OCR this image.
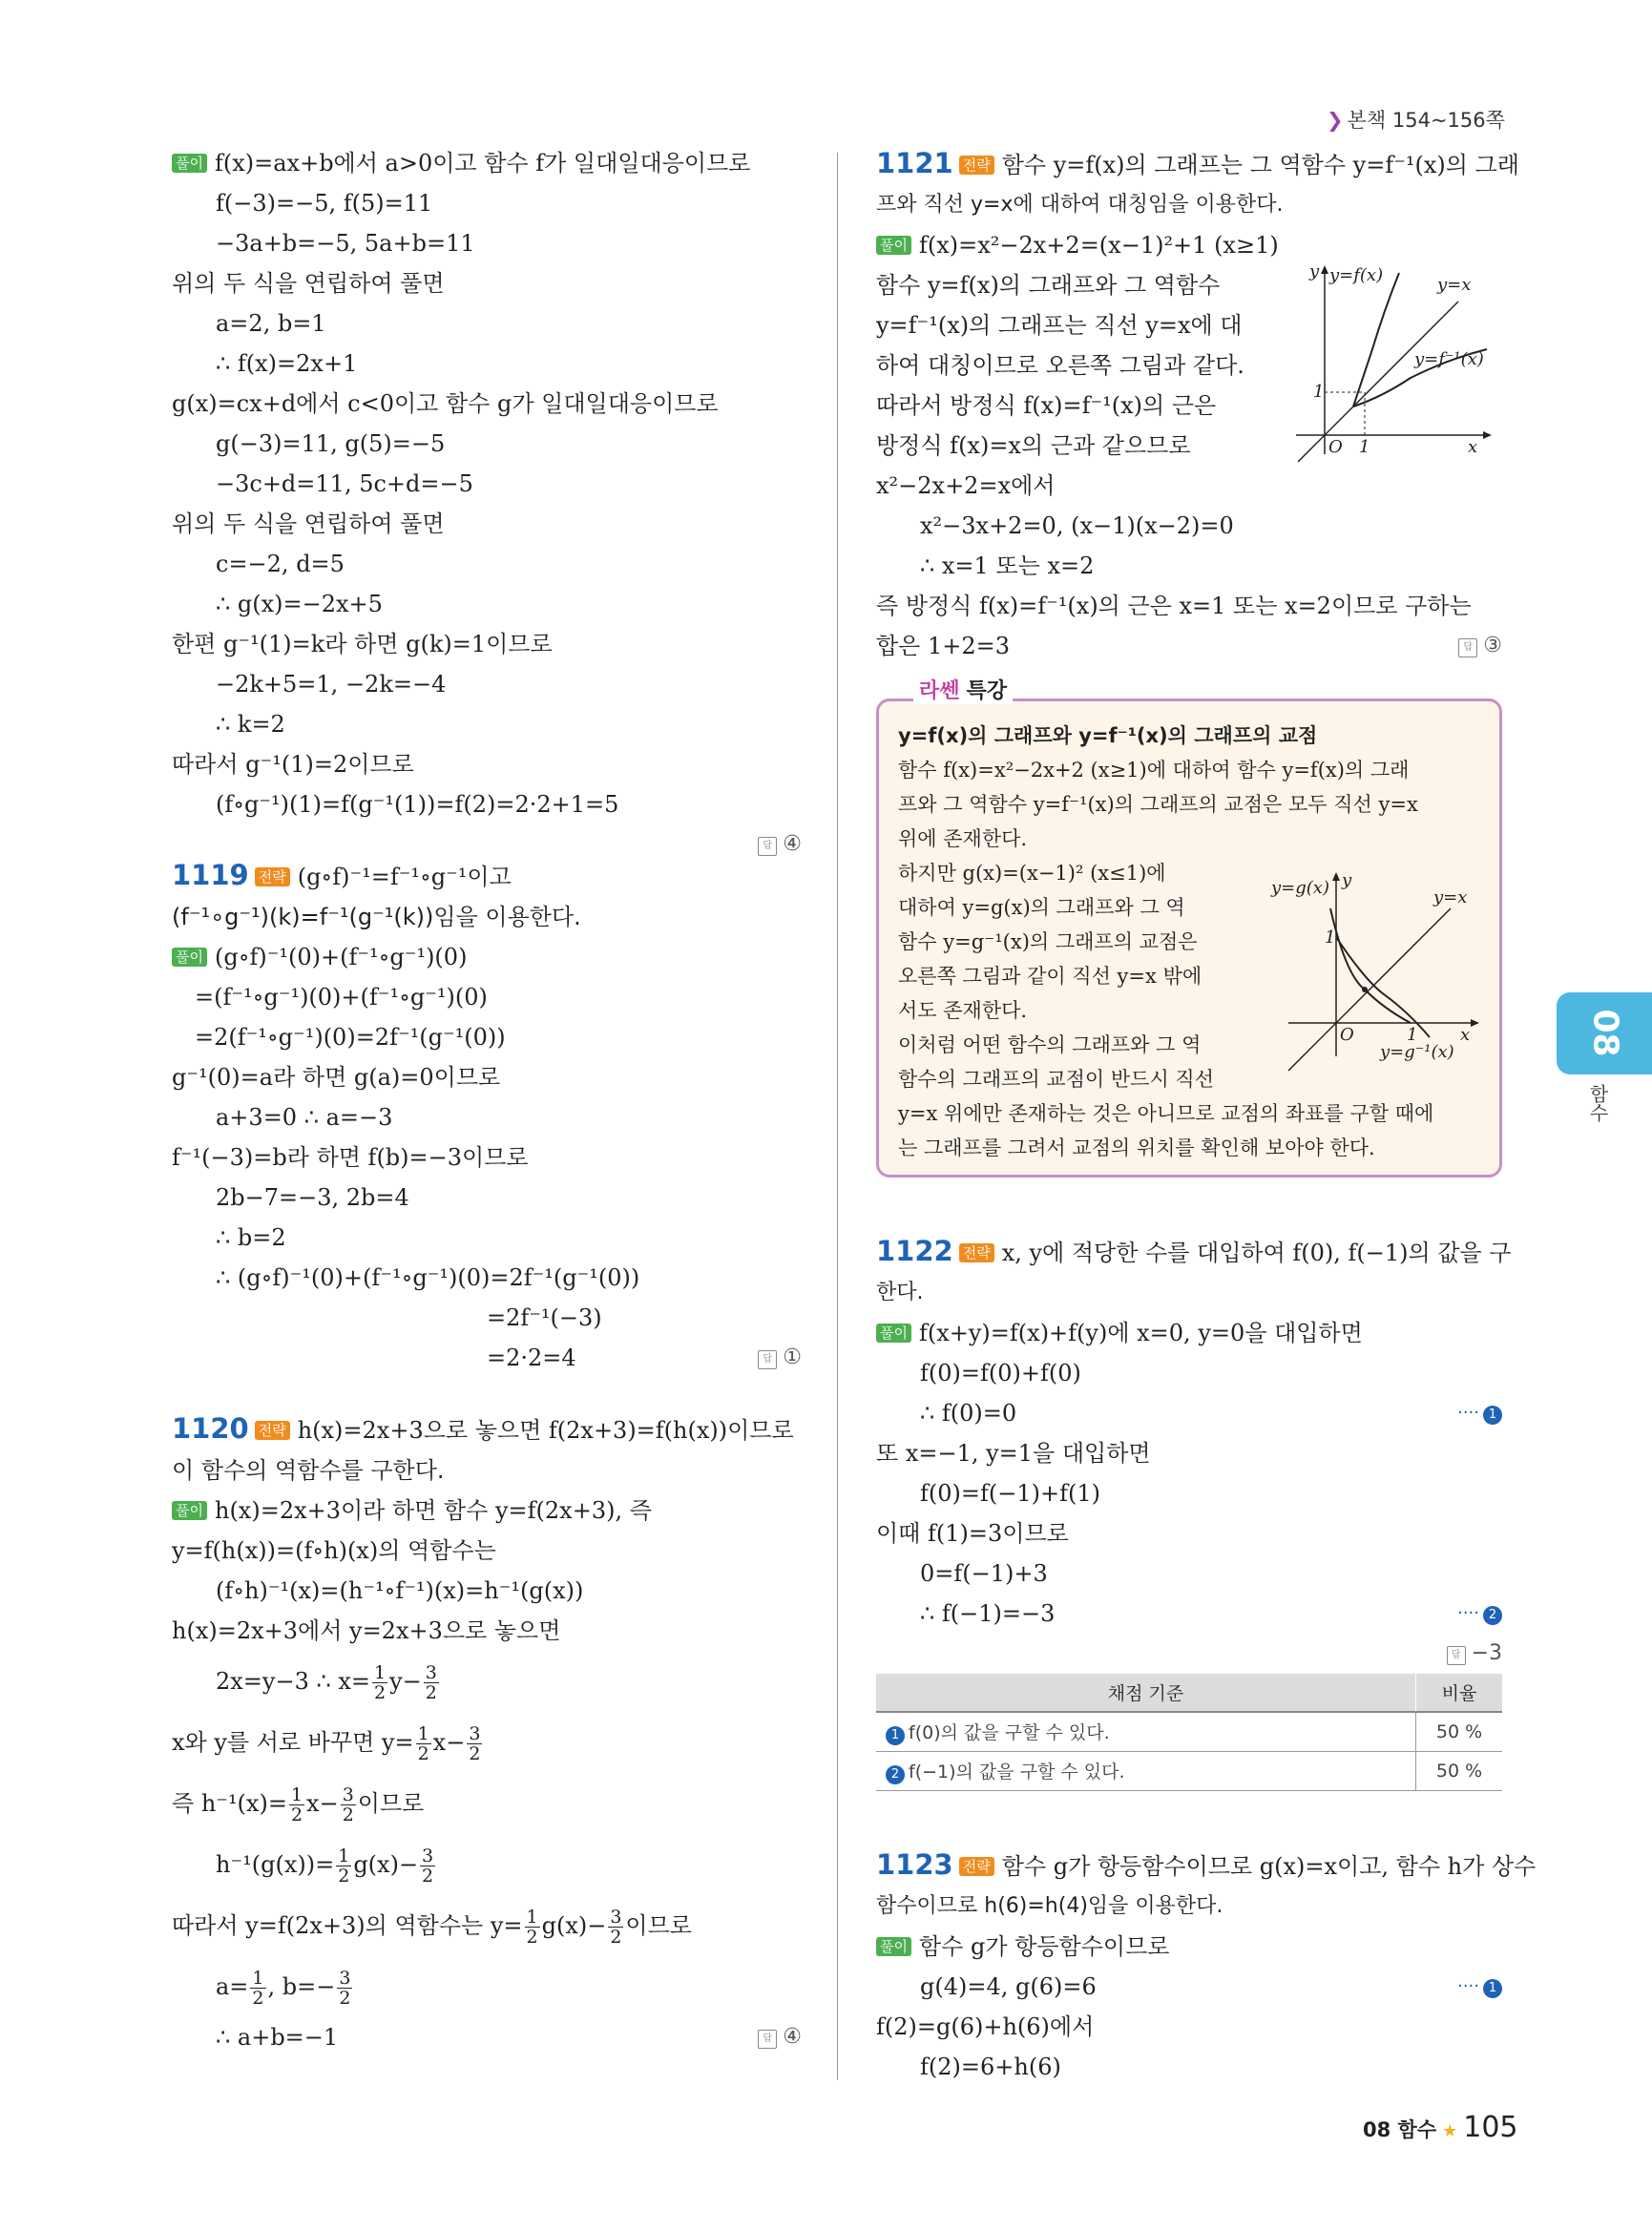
❯ 본책 154~156쪽
풀이 f(x)=ax+b에서 a>0이고 함수 f가 일대일대응이므로
f(−3)=−5, f(5)=11
−3a+b=−5, 5a+b=11
위의 두 식을 연립하여 풀면
a=2, b=1
∴ f(x)=2x+1
g(x)=cx+d에서 c<0이고 함수 g가 일대일대응이므로
g(−3)=11, g(5)=−5
−3c+d=11, 5c+d=−5
위의 두 식을 연립하여 풀면
c=−2, d=5
∴ g(x)=−2x+5
한편 g⁻¹(1)=k라 하면 g(k)=1이므로
−2k+5=1, −2k=−4
∴ k=2
따라서 g⁻¹(1)=2이므로
(f∘g⁻¹)(1)=f(g⁻¹(1))=f(2)=2·2+1=5
답 ④
1119 전략 (g∘f)⁻¹=f⁻¹∘g⁻¹이고
(f⁻¹∘g⁻¹)(k)=f⁻¹(g⁻¹(k))임을 이용한다.
풀이 (g∘f)⁻¹(0)+(f⁻¹∘g⁻¹)(0)
=(f⁻¹∘g⁻¹)(0)+(f⁻¹∘g⁻¹)(0)
=2(f⁻¹∘g⁻¹)(0)=2f⁻¹(g⁻¹(0))
g⁻¹(0)=a라 하면 g(a)=0이므로
a+3=0 ∴ a=−3
f⁻¹(−3)=b라 하면 f(b)=−3이므로
2b−7=−3, 2b=4
∴ b=2
∴ (g∘f)⁻¹(0)+(f⁻¹∘g⁻¹)(0)=2f⁻¹(g⁻¹(0))
=2f⁻¹(−3)
=2·2=4	답 ①
1120 전략 h(x)=2x+3으로 놓으면 f(2x+3)=f(h(x))이므로
이 함수의 역함수를 구한다.
풀이 h(x)=2x+3이라 하면 함수 y=f(2x+3), 즉
y=f(h(x))=(f∘h)(x)의 역함수는
(f∘h)⁻¹(x)=(h⁻¹∘f⁻¹)(x)=h⁻¹(g(x))
h(x)=2x+3에서 y=2x+3으로 놓으면
2x=y−3 ∴ $x= \frac{1}{2} y- \frac{3}{2}$
x와 y를 서로 바꾸면 $y= \frac{1}{2} x- \frac{3}{2}$
즉 $h^{-1}(x)= \frac{1}{2} x- \frac{3}{2}$ 이므로
$h^{-1}(g(x))= \frac{1}{2} g(x)- \frac{3}{2}$
따라서 y=f(2x+3)의 역함수는 $y= \frac{1}{2} g(x)- \frac{3}{2}$ 이므로
$a= \frac{1}{2}$ , $b=- \frac{3}{2}$
∴ a+b=−1	답 ④
1121 전략 함수 y=f(x)의 그래프는 그 역함수 y=f⁻¹(x)의 그래
프와 직선 y=x에 대하여 대칭임을 이용한다.
풀이 f(x)=x²−2x+2=(x−1)²+1 (x≥1)
함수 y=f(x)의 그래프와 그 역함수
y=f⁻¹(x)의 그래프는 직선 y=x에 대
하여 대칭이므로 오른쪽 그림과 같다.
따라서 방정식 f(x)=f⁻¹(x)의 근은
방정식 f(x)=x의 근과 같으므로
x²−2x+2=x에서
x²−3x+2=0, (x−1)(x−2)=0
∴ x=1 또는 x=2
즉 방정식 f(x)=f⁻¹(x)의 근은 x=1 또는 x=2이므로 구하는
합은 1+2=3	답 ③
라쎈 특강
y=f(x)의 그래프와 y=f⁻¹(x)의 그래프의 교점
함수 f(x)=x²−2x+2 (x≥1)에 대하여 함수 y=f(x)의 그래
프와 그 역함수 y=f⁻¹(x)의 그래프의 교점은 모두 직선 y=x
위에 존재한다.
하지만 g(x)=(x−1)² (x≤1)에
대하여 y=g(x)의 그래프와 그 역
함수 y=g⁻¹(x)의 그래프의 교점은
오른쪽 그림과 같이 직선 y=x 밖에
서도 존재한다.
이처럼 어떤 함수의 그래프와 그 역
함수의 그래프의 교점이 반드시 직선
y=x 위에만 존재하는 것은 아니므로 교점의 좌표를 구할 때에
는 그래프를 그려서 교점의 위치를 확인해 보아야 한다.
1122 전략 x, y에 적당한 수를 대입하여 f(0), f(−1)의 값을 구
한다.
풀이 f(x+y)=f(x)+f(y)에 x=0, y=0을 대입하면
f(0)=f(0)+f(0)
∴ f(0)=0	···· 1
또 x=−1, y=1을 대입하면
f(0)=f(−1)+f(1)
이때 f(1)=3이므로
0=f(−1)+3
∴ f(−1)=−3	···· 2
답 −3
채점 기준	비율
1 f(0)의 값을 구할 수 있다.	50 %
2 f(−1)의 값을 구할 수 있다.	50 %
1123 전략 함수 g가 항등함수이므로 g(x)=x이고, 함수 h가 상수
함수이므로 h(6)=h(4)임을 이용한다.
풀이 함수 g가 항등함수이므로
g(4)=4, g(6)=6	···· 1
f(2)=g(6)+h(6)에서
f(2)=6+h(6)
y=f(x)	y=x
y=f⁻¹(x)
1
O 1	x
y
y=g(x)	y=x
y=g⁻¹(x)
1
O	1 x
y
08
함수
08 함수 ★ 105
